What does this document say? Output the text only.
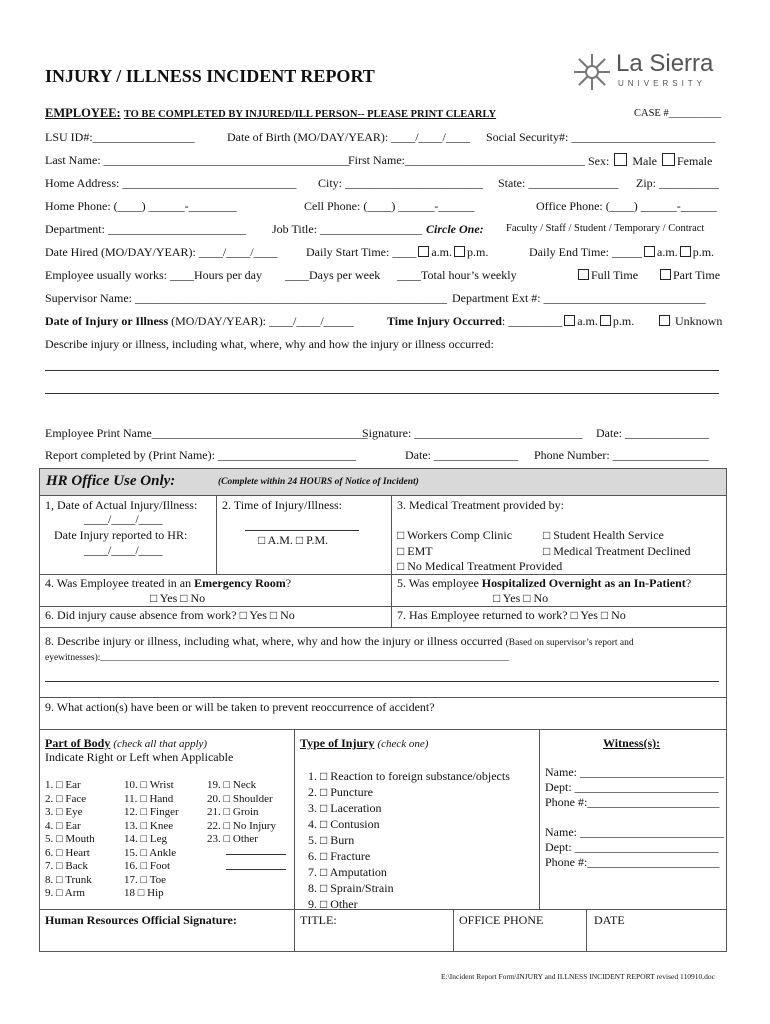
INJURY / ILLNESS INCIDENT REPORT	La Sierra
UNIVERSITY
EMPLOYEE: TO BE COMPLETED BY INJURED/ILL PERSON-- PLEASE PRINT CLEARLY	CASE #__________
LSU ID#:_________________	Date of Birth (MO/DAY/YEAR): ____/____/____ Social Security#: ________________________
Last Name: _________________________________________
First Name:______________________________ Sex: Male Female
Home Address: _____________________________ City: _______________________ State: _______________ Zip: __________
Home Phone: (____) ______-________	Cell Phone: (____) ______-______	Office Phone: (____) ______-______
Department: _______________________ Job Title: _________________ Circle One: Faculty / Staff / Student / Temporary / Contract
Date Hired (MO/DAY/YEAR): ____/____/____ Daily Start Time: ____ a.m. p.m.	Daily End Time: _____ a.m. p.m.
Employee usually works: ____Hours per day ____Days per week ____Total hour’s weekly	Full Time	Part Time
Supervisor Name: ____________________________________________________ Department Ext #: ___________________________
Date of Injury or Illness (MO/DAY/YEAR): ____/____/_____	Time Injury Occurred: _________ a.m. p.m.	Unknown
Describe injury or illness, including what, where, why and how the injury or illness occurred:
Employee Print Name____________________________________
Signature: ____________________________ Date: ______________
Report completed by (Print Name): _______________________	Date: ______________ Phone Number: ________________
HR Office Use Only:	(Complete within 24 HOURS of Notice of Incident)
1, Date of Actual Injury/Illness:
____/____/____
Date Injury reported to HR:
____/____/____
2. Time of Injury/Illness:
□ A.M. □ P.M.
3. Medical Treatment provided by:
□ Workers Comp Clinic	□ Student Health Service
□ EMT	□ Medical Treatment Declined
□ No Medical Treatment Provided
4. Was Employee treated in an Emergency Room?
□ Yes □ No
5. Was employee Hospitalized Overnight as an In-Patient?
□ Yes □ No
6. Did injury cause absence from work? □ Yes □ No	7. Has Employee returned to work? □ Yes □ No
8. Describe injury or illness, including what, where, why and how the injury or illness occurred (Based on supervisor’s report and
eyewitnesses):______________________________________________________________________________________
9. What action(s) have been or will be taken to prevent reoccurrence of accident?
Part of Body (check all that apply)
Indicate Right or Left when Applicable
1. □ Ear
2. □ Face
3. □ Eye
4. □ Ear
5. □ Mouth
6. □ Heart
7. □ Back
8. □ Trunk
9. □ Arm
10. □ Wrist
11. □ Hand
12. □ Finger
13. □ Knee
14. □ Leg
15. □ Ankle
16. □ Foot
17. □ Toe
18 □ Hip
19. □ Neck
20. □ Shoulder
21. □ Groin
22. □ No Injury
23. □ Other
Type of Injury (check one)
1. □ Reaction to foreign substance/objects
2. □ Puncture
3. □ Laceration
4. □ Contusion
5. □ Burn
6. □ Fracture
7. □ Amputation
8. □ Sprain/Strain
9. □ Other______________________
Witness(s):
Name: ________________________
Dept: ________________________
Phone #:______________________
Name: ________________________
Dept: ________________________
Phone #:______________________
Human Resources Official Signature:	TITLE:	OFFICE PHONE	DATE
E:\Incident Report Form\INJURY and ILLNESS INCIDENT REPORT revised 110910.doc
